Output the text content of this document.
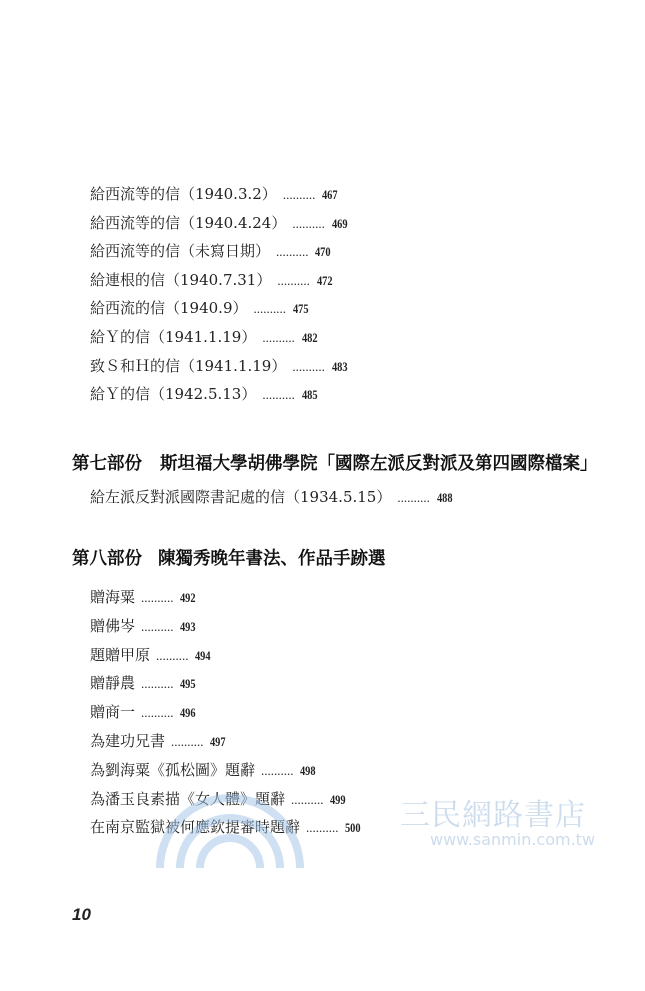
給西流等的信（1940.3.2） .......... 467
給西流等的信（1940.4.24） .......... 469
給西流等的信（未寫日期） .......... 470
給連根的信（1940.7.31） .......... 472
給西流的信（1940.9） .......... 475
給Ｙ的信（1941.1.19） .......... 482
致Ｓ和Ｈ的信（1941.1.19） .......... 483
給Ｙ的信（1942.5.13） .......... 485
第七部份 斯坦福大學胡佛學院「國際左派反對派及第四國際檔案」
給左派反對派國際書記處的信（1934.5.15） .......... 488
第八部份 陳獨秀晚年書法、作品手跡選
贈海粟 .......... 492
贈佛岑 .......... 493
題贈甲原 .......... 494
贈靜農 .......... 495
贈商一 .......... 496
為建功兄書 .......... 497
為劉海粟《孤松圖》題辭 .......... 498
為潘玉良素描《女人體》題辭 .......... 499
在南京監獄被何應欽提審時題辭 .......... 500 三民網路書店
www.sanmin.com.tw
10
